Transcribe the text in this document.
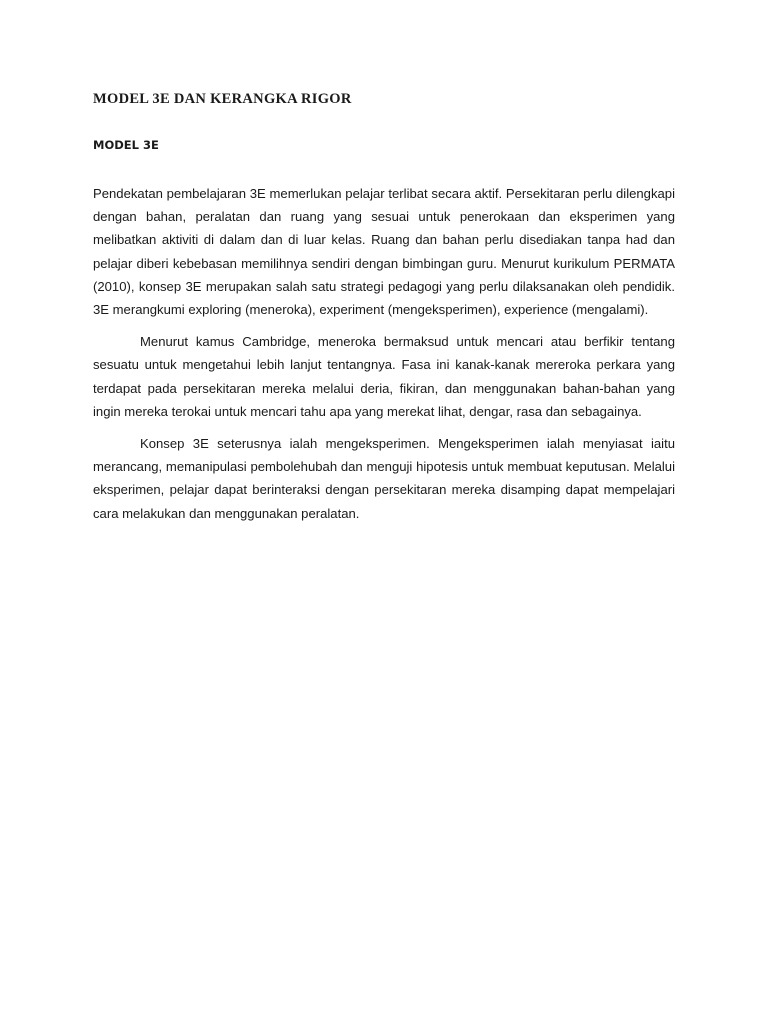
MODEL 3E DAN KERANGKA RIGOR
MODEL 3E

Pendekatan pembelajaran 3E memerlukan pelajar terlibat secara aktif. Persekitaran perlu dilengkapi dengan bahan, peralatan dan ruang yang sesuai untuk penerokaan dan eksperimen yang melibatkan aktiviti di dalam dan di luar kelas. Ruang dan bahan perlu disediakan tanpa had dan pelajar diberi kebebasan memilihnya sendiri dengan bimbingan guru. Menurut kurikulum PERMATA (2010), konsep 3E merupakan salah satu strategi pedagogi yang perlu dilaksanakan oleh pendidik. 3E merangkumi exploring (meneroka), experiment (mengeksperimen), experience (mengalami).

Menurut kamus Cambridge, meneroka bermaksud untuk mencari atau berfikir tentang sesuatu untuk mengetahui lebih lanjut tentangnya. Fasa ini kanak-kanak mereroka perkara yang terdapat pada persekitaran mereka melalui deria, fikiran, dan menggunakan bahan-bahan yang ingin mereka terokai untuk mencari tahu apa yang merekat lihat, dengar, rasa dan sebagainya.

Konsep 3E seterusnya ialah mengeksperimen. Mengeksperimen ialah menyiasat iaitu merancang, memanipulasi pembolehubah dan menguji hipotesis untuk membuat keputusan. Melalui eksperimen, pelajar dapat berinteraksi dengan persekitaran mereka disamping dapat mempelajari cara melakukan dan menggunakan peralatan.
